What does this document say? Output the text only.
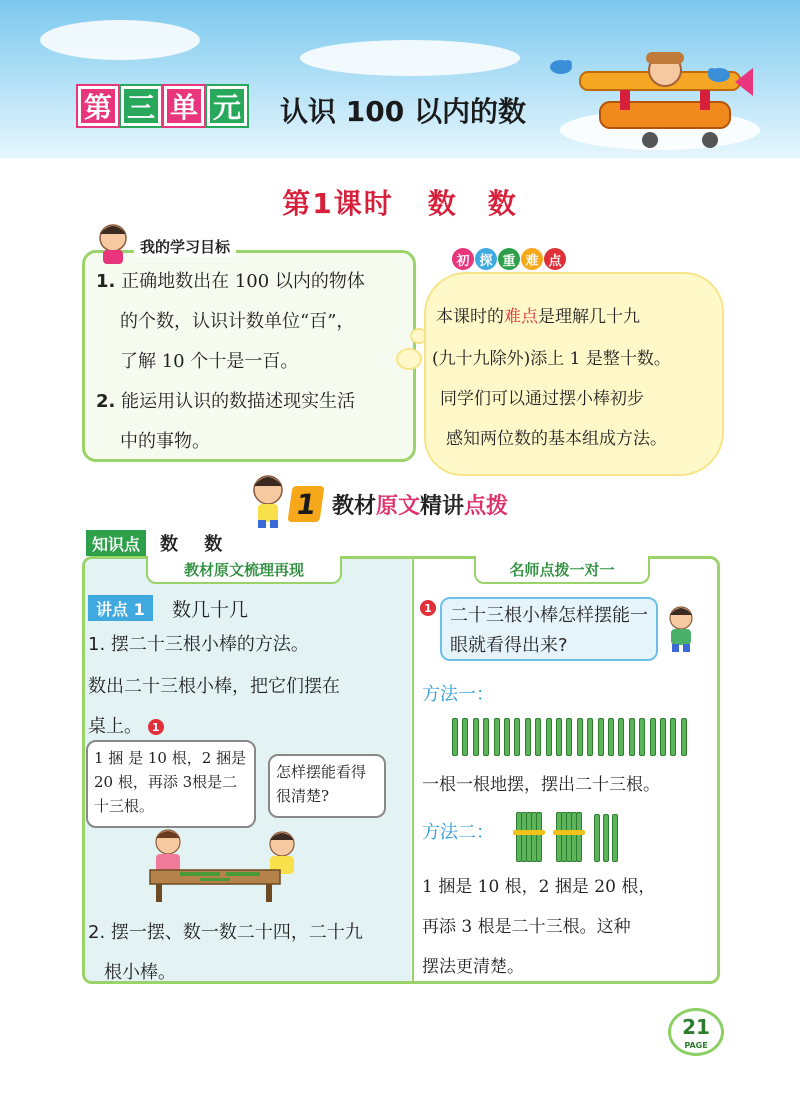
第 三 单 元 认识 100 以内的数
第1课时 数　数
我的学习目标
1. 正确地数出在 100 以内的物体
的个数，认识计数单位“百”，
了解 10 个十是一百。
2. 能运用认识的数描述现实生活
中的事物。
初 探 重 难 点
本课时的难点是理解几十九
(九十九除外)添上 1 是整十数。
同学们可以通过摆小棒初步
感知两位数的基本组成方法。
1 教材原文精讲点拨
知识点	数 数
教材原文梳理再现	名师点拨一对一
讲点 1	数几十几
1. 摆二十三根小棒的方法。
数出二十三根小棒，把它们摆在
桌上。 1
1 捆 是 10 根，2 捆是 20 根，再添 3根是二十三根。
怎样摆能看得很清楚?
2. 摆一摆、数一数二十四，二十九
根小棒。
1	二十三根小棒怎样摆能一眼就看得出来?
方法一：
一根一根地摆，摆出二十三根。
方法二：
1 捆是 10 根，2 捆是 20 根，
再添 3 根是二十三根。这种
摆法更清楚。
21
PAGE
